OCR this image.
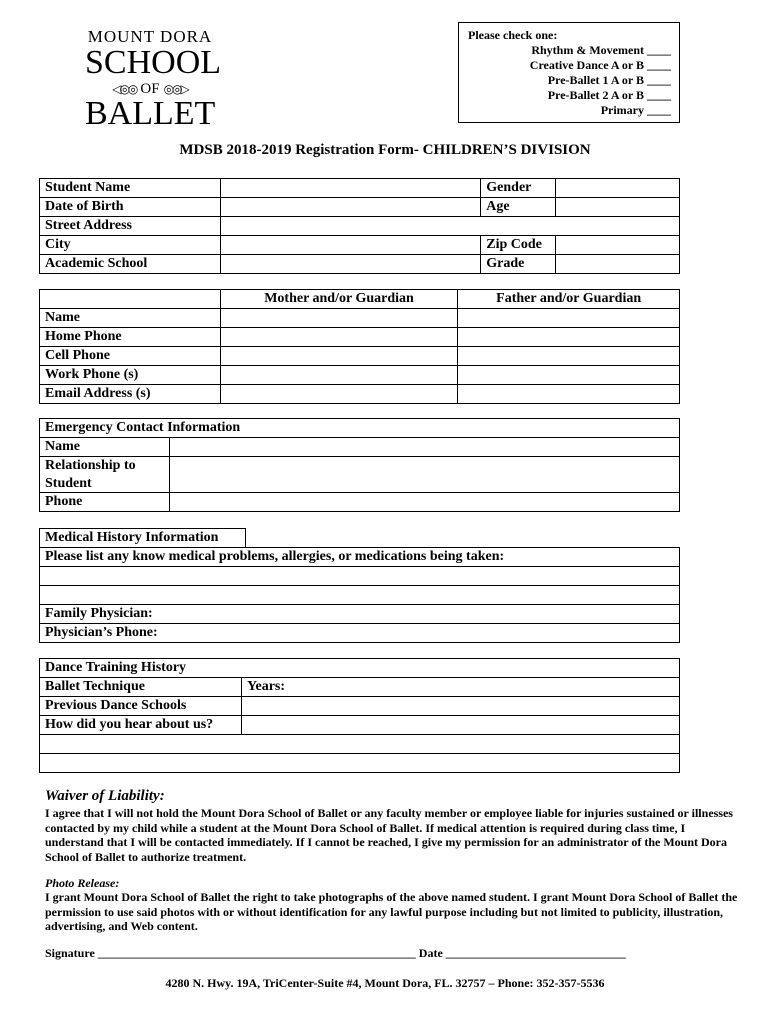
MOUNT DORA
SCHOOL
◁◎◎ OF ◎◎▷
BALLET
Please check one:
Rhythm & Movement ____
Creative Dance A or B ____
Pre-Ballet 1 A or B ____
Pre-Ballet 2 A or B ____
Primary ____
MDSB 2018-2019 Registration Form- CHILDREN’S DIVISION
Student Name		Gender	
Date of Birth		Age	
Street Address			
City		Zip Code	
Academic School		Grade	
	Mother and/or Guardian	Father and/or Guardian
Name		
Home Phone		
Cell Phone		
Work Phone (s)		
Email Address (s)		
Emergency Contact Information	
Name	
Relationship to Student	
Phone	
Medical History Information
Please list any know medical problems, allergies, or medications being taken:

Family Physician:
Physician’s Phone:
Dance Training History	
Ballet Technique	Years:
Previous Dance Schools	
How did you hear about us?	

Waiver of Liability:
I agree that I will not hold the Mount Dora School of Ballet or any faculty member or employee liable for injuries sustained or illnesses contacted by my child while a student at the Mount Dora School of Ballet. If medical attention is required during class time, I understand that I will be contacted immediately. If I cannot be reached, I give my permission for an administrator of the Mount Dora School of Ballet to authorize treatment.
Photo Release:
I grant Mount Dora School of Ballet the right to take photographs of the above named student. I grant Mount Dora School of Ballet the permission to use said photos with or without identification for any lawful purpose including but not limited to publicity, illustration, advertising, and Web content.
Signature _____________________________________________________ Date ______________________________
4280 N. Hwy. 19A, TriCenter-Suite #4, Mount Dora, FL. 32757 – Phone: 352-357-5536
